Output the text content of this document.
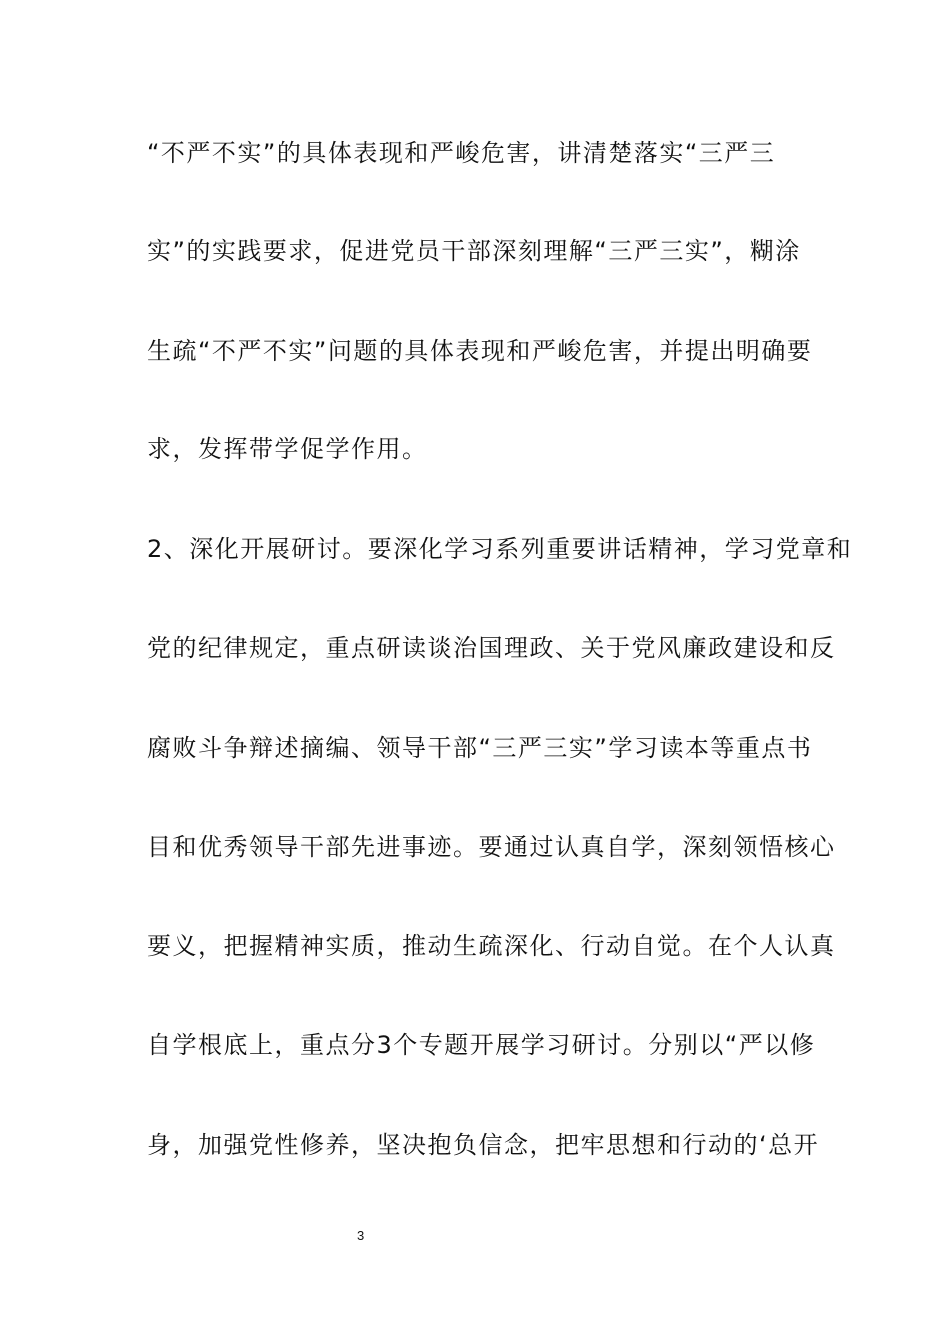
“不严不实”的具体表现和严峻危害，讲清楚落实“三严三
实”的实践要求，促进党员干部深刻理解“三严三实”，糊涂
生疏“不严不实”问题的具体表现和严峻危害，并提出明确要
求，发挥带学促学作用。
2、深化开展研讨。要深化学习系列重要讲话精神，学习党章和
党的纪律规定，重点研读谈治国理政、关于党风廉政建设和反
腐败斗争辩述摘编、领导干部“三严三实”学习读本等重点书
目和优秀领导干部先进事迹。要通过认真自学，深刻领悟核心
要义，把握精神实质，推动生疏深化、行动自觉。在个人认真
自学根底上，重点分3个专题开展学习研讨。分别以“严以修
身，加强党性修养，坚决抱负信念，把牢思想和行动的‘总开
3
